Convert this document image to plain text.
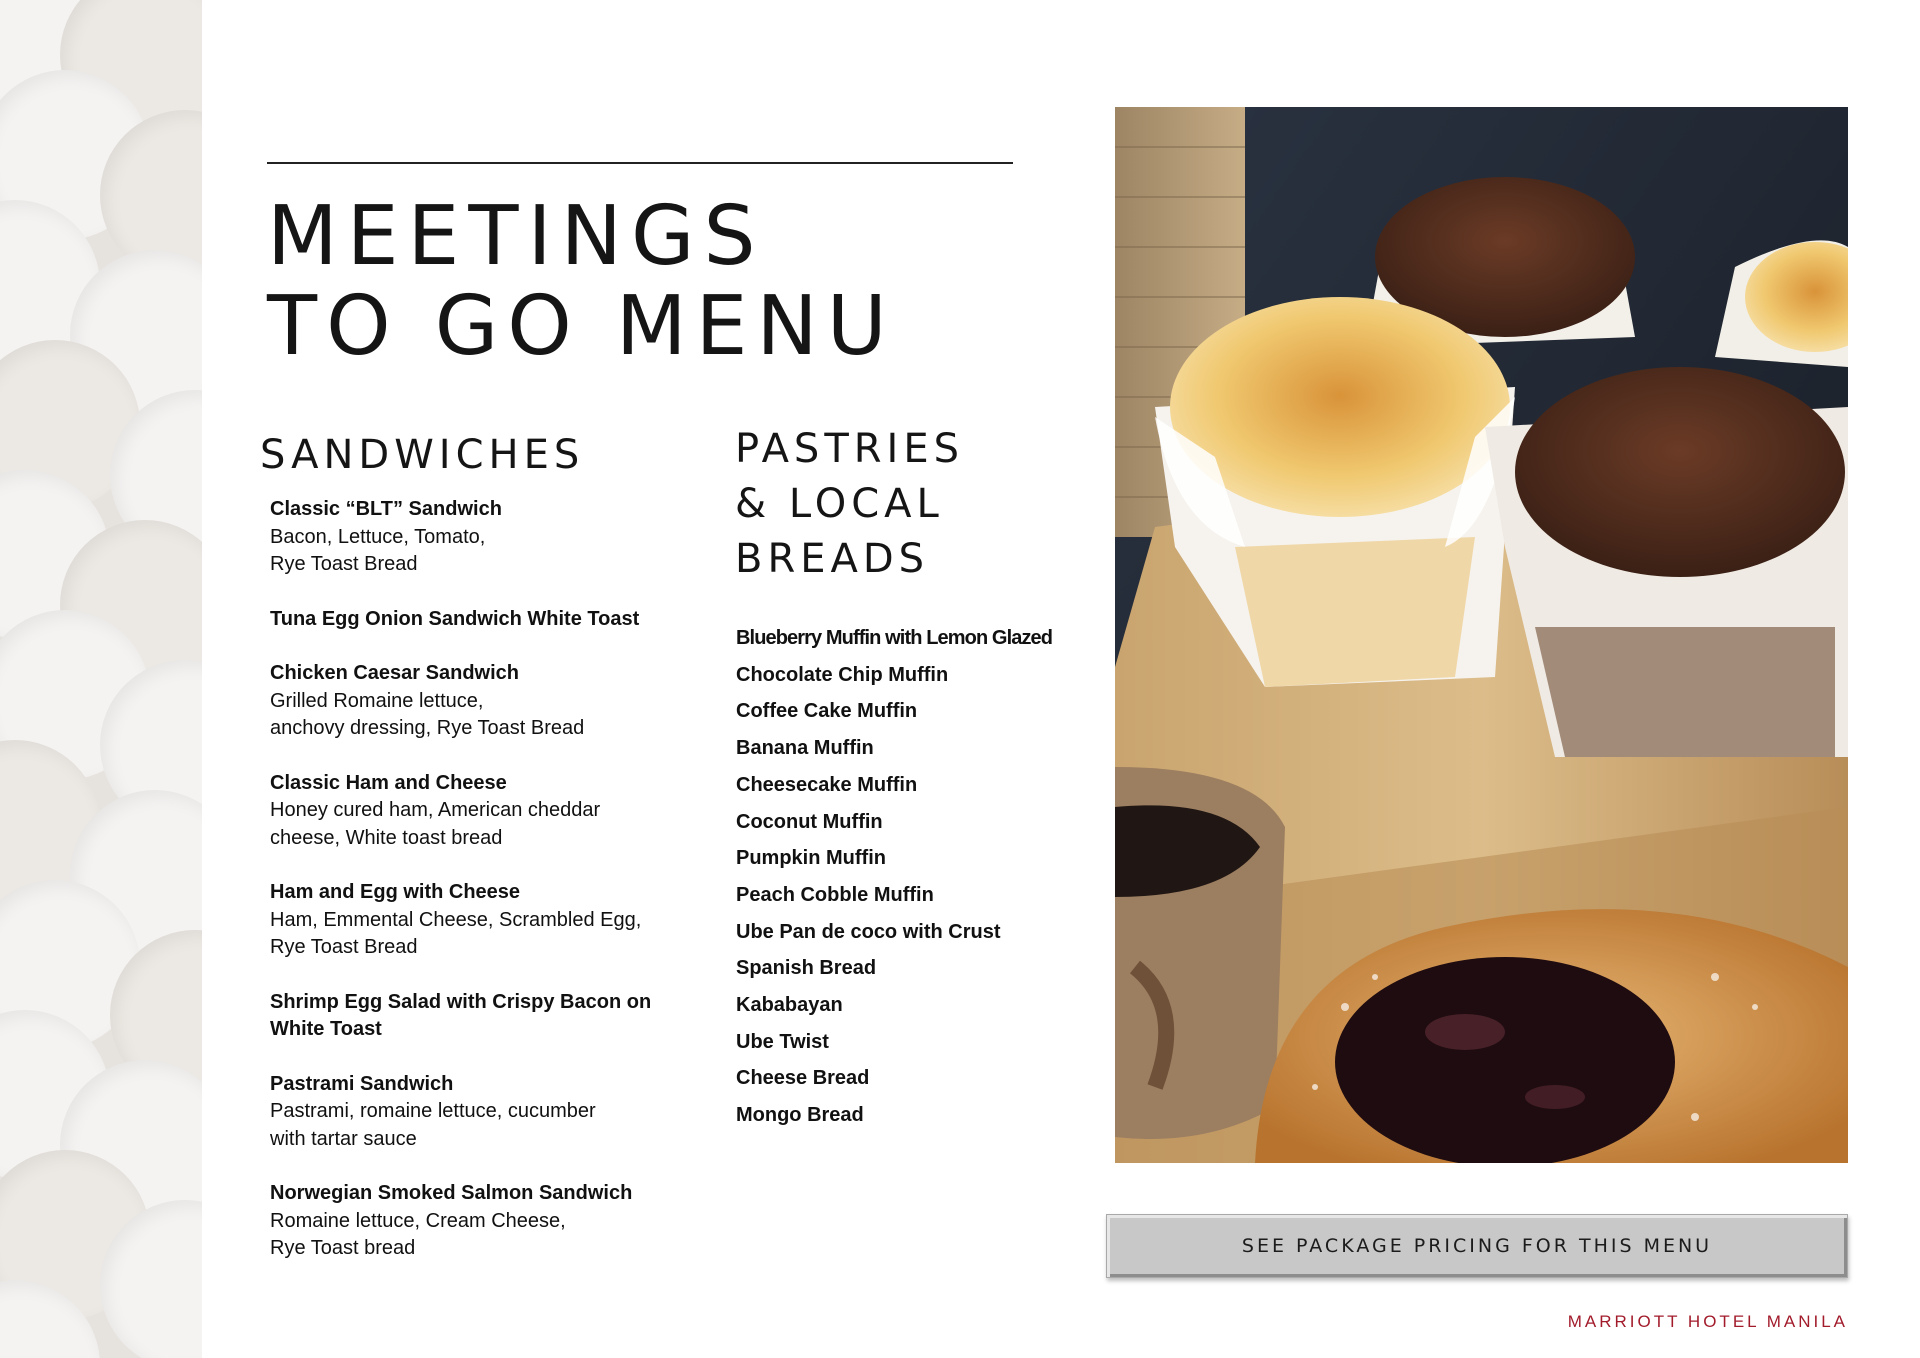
MEETINGS
TO GO MENU
SANDWICHES
Classic “BLT” Sandwich
Bacon, Lettuce, Tomato,
Rye Toast Bread
Tuna Egg Onion Sandwich White Toast
Chicken Caesar Sandwich
Grilled Romaine lettuce,
anchovy dressing, Rye Toast Bread
Classic Ham and Cheese
Honey cured ham, American cheddar
cheese, White toast bread
Ham and Egg with Cheese
Ham, Emmental Cheese, Scrambled Egg,
Rye Toast Bread
Shrimp Egg Salad with Crispy Bacon on
White Toast
Pastrami Sandwich
Pastrami, romaine lettuce, cucumber
with tartar sauce
Norwegian Smoked Salmon Sandwich
Romaine lettuce, Cream Cheese,
Rye Toast bread
PASTRIES
& LOCAL
BREADS
Blueberry Muffin with Lemon Glazed
Chocolate Chip Muffin
Coffee Cake Muffin
Banana Muffin
Cheesecake Muffin
Coconut Muffin
Pumpkin Muffin
Peach Cobble Muffin
Ube Pan de coco with Crust
Spanish Bread
Kababayan
Ube Twist
Cheese Bread
Mongo Bread
SEE PACKAGE PRICING FOR THIS MENU
MARRIOTT HOTEL MANILA
